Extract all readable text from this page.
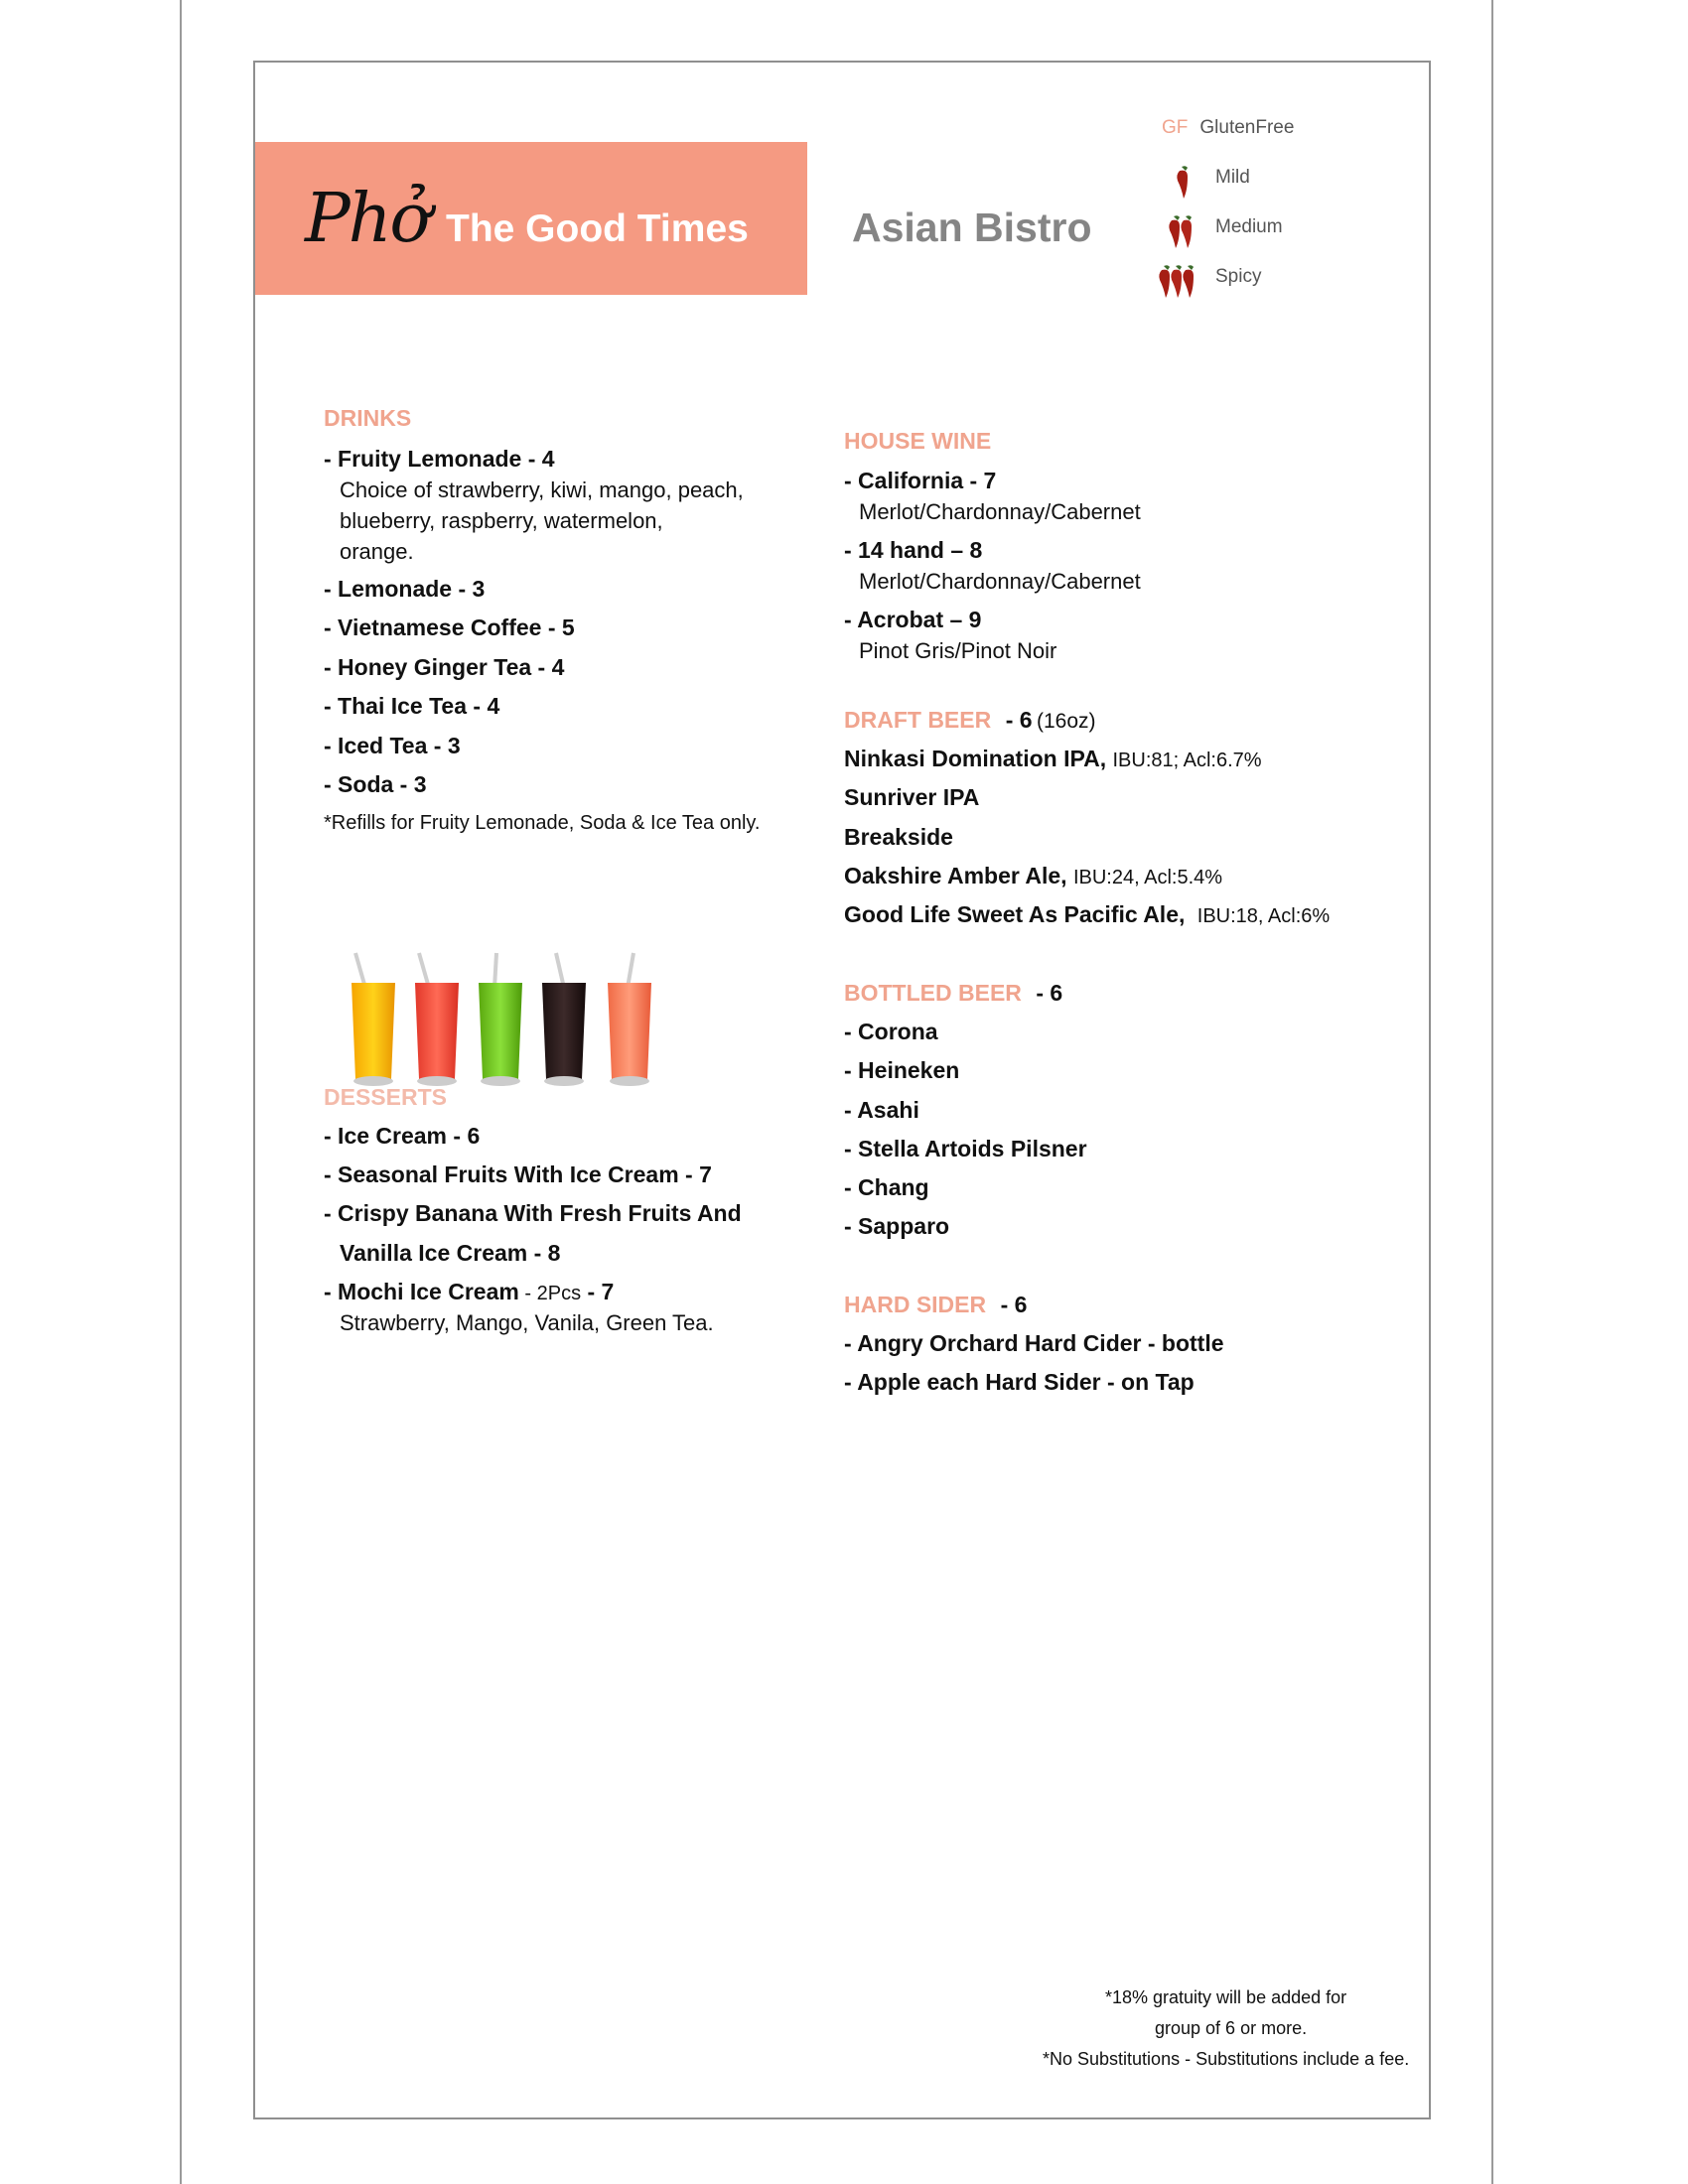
Phở The Good Times	Asian Bistro
GF GlutenFree
Mild
Medium
Spicy
DRINKS
- Fruity Lemonade - 4
Choice of strawberry, kiwi, mango, peach,
blueberry, raspberry, watermelon,
orange.
- Lemonade - 3
- Vietnamese Coffee - 5
- Honey Ginger Tea - 4
- Thai Ice Tea - 4
- Iced Tea - 3
- Soda - 3
*Refills for Fruity Lemonade, Soda & Ice Tea only.
DESSERTS
- Ice Cream - 6
- Seasonal Fruits With Ice Cream - 7
- Crispy Banana With Fresh Fruits And
Vanilla Ice Cream - 8
- Mochi Ice Cream - 2Pcs - 7
Strawberry, Mango, Vanila, Green Tea.
HOUSE WINE
- California - 7
Merlot/Chardonnay/Cabernet
- 14 hand – 8
Merlot/Chardonnay/Cabernet
- Acrobat – 9
Pinot Gris/Pinot Noir
DRAFT BEER - 6 (16oz)
Ninkasi Domination IPA, IBU:81; Acl:6.7%
Sunriver IPA
Breakside
Oakshire Amber Ale, IBU:24, Acl:5.4%
Good Life Sweet As Pacific Ale, IBU:18, Acl:6%
BOTTLED BEER - 6
- Corona
- Heineken
- Asahi
- Stella Artoids Pilsner
- Chang
- Sapparo
HARD SIDER - 6
- Angry Orchard Hard Cider - bottle
- Apple each Hard Sider - on Tap
*18% gratuity will be added for
group of 6 or more.
*No Substitutions - Substitutions include a fee.
